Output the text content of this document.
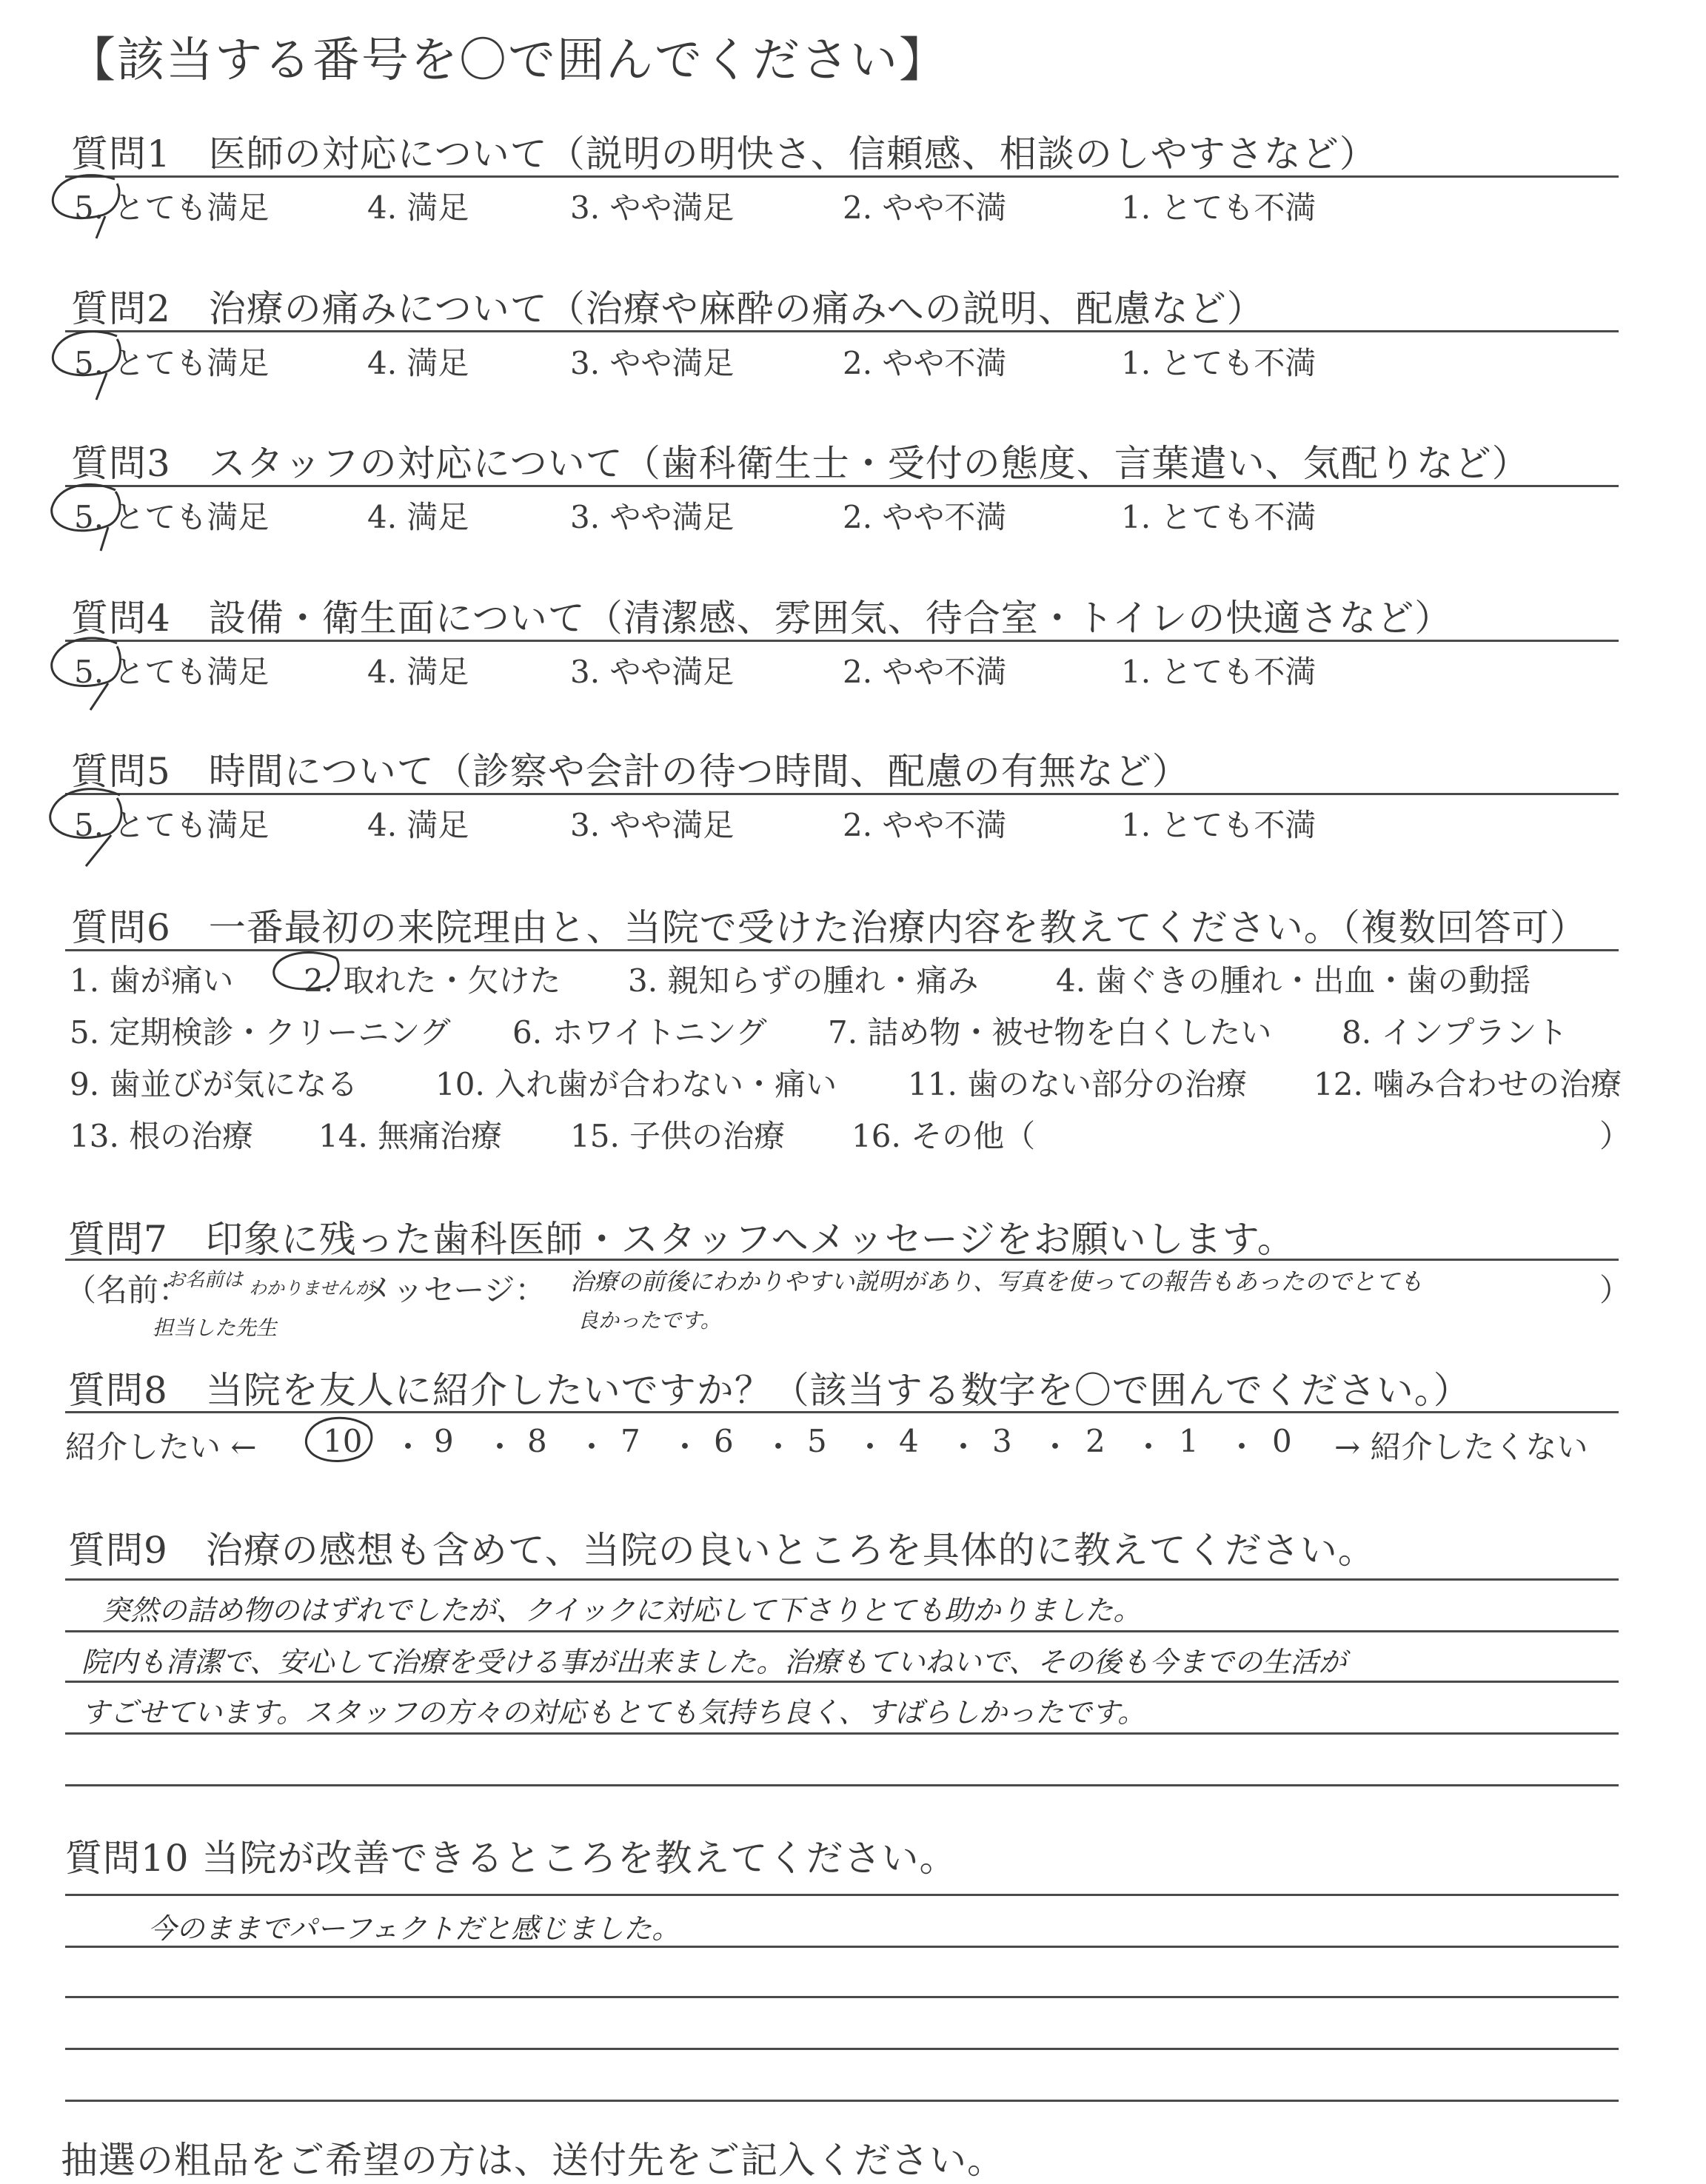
【該当する番号を〇で囲んでください】
質問1　医師の対応について（説明の明快さ、信頼感、相談のしやすさなど）
5. とても満足	4. 満足	3. やや満足	2. やや不満	1. とても不満
質問2　治療の痛みについて（治療や麻酔の痛みへの説明、配慮など）
5. とても満足	4. 満足	3. やや満足	2. やや不満	1. とても不満
質問3　スタッフの対応について（歯科衛生士・受付の態度、言葉遣い、気配りなど）
5. とても満足	4. 満足	3. やや満足	2. やや不満	1. とても不満
質問4　設備・衛生面について（清潔感、雰囲気、待合室・トイレの快適さなど）
5. とても満足	4. 満足	3. やや満足	2. やや不満	1. とても不満
質問5　時間について（診察や会計の待つ時間、配慮の有無など）
5. とても満足	4. 満足	3. やや満足	2. やや不満	1. とても不満
質問6　一番最初の来院理由と、当院で受けた治療内容を教えてください。（複数回答可）
1. 歯が痛い 2. 取れた・欠けた 3. 親知らずの腫れ・痛み 4. 歯ぐきの腫れ・出血・歯の動揺
5. 定期検診・クリーニング 6. ホワイトニング 7. 詰め物・被せ物を白くしたい 8. インプラント
9. 歯並びが気になる 10. 入れ歯が合わない・痛い 11. 歯のない部分の治療 12. 噛み合わせの治療
13. 根の治療 14. 無痛治療 15. 子供の治療 16. その他（	）
質問7　印象に残った歯科医師・スタッフへメッセージをお願いします。
（名前：
お名前は わかりませんが
担当した先生
メッセージ： 治療の前後にわかりやすい説明があり、写真を使っての報告もあったのでとても
良かったです。
）
質問8　当院を友人に紹介したいですか？（該当する数字を〇で囲んでください。）
紹介したい ← 10 ・ 9 ・ 8 ・ 7 ・ 6 ・ 5 ・ 4 ・ 3 ・ 2 ・ 1 ・ 0 → 紹介したくない
質問9　治療の感想も含めて、当院の良いところを具体的に教えてください。
突然の詰め物のはずれでしたが、クイックに対応して下さりとても助かりました。
院内も清潔で、安心して治療を受ける事が出来ました。治療もていねいで、その後も今までの生活が
すごせています。スタッフの方々の対応もとても気持ち良く、すばらしかったです。
質問10 当院が改善できるところを教えてください。
今のままでパーフェクトだと感じました。
抽選の粗品をご希望の方は、送付先をご記入ください。
